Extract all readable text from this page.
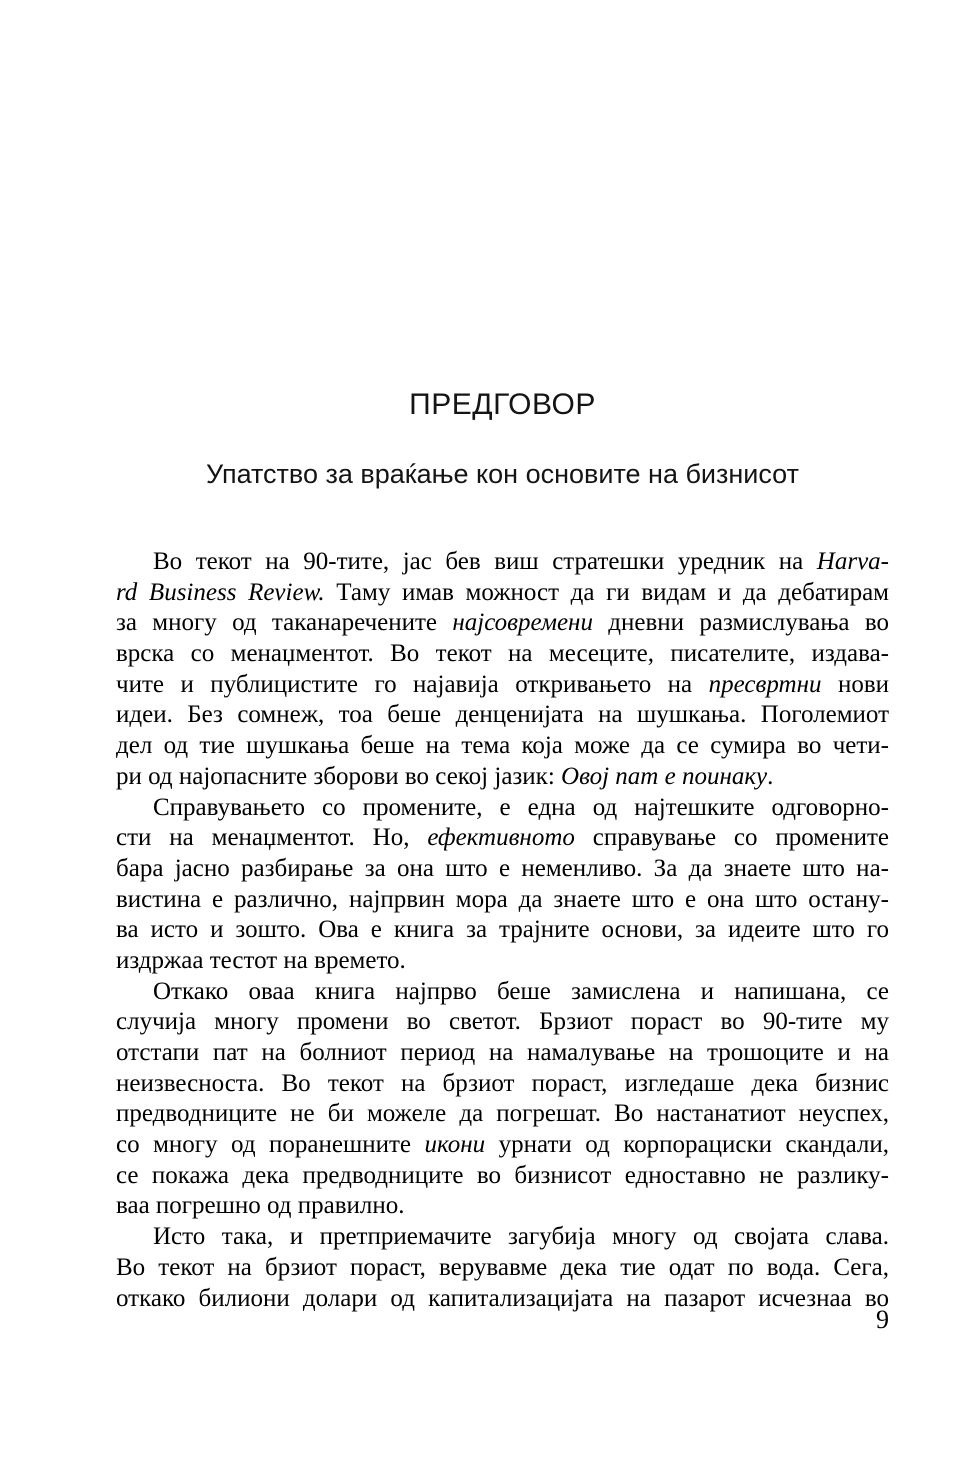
ПРЕДГОВОР
Упатство за враќање кон основите на бизнисот
Во текот на 90-тите, јас бев виш стратешки уредник на Harva-
rd Business Review. Таму имав можност да ги видам и да дебатирам
за многу од таканаречените најсовремени дневни размислувања во
врска со менаџментот. Во текот на месеците, писателите, издава-
чите и публицистите го најавија откривањето на пресвртни нови
идеи. Без сомнеж, тоа беше денценијата на шушкања. Поголемиот
дел од тие шушкања беше на тема која може да се сумира во чети-
ри од најопасните зборови во секој јазик: Овој пат е поинаку.
Справувањето со промените, е една од најтешките одговорно-
сти на менаџментот. Но, ефективното справување со промените
бара јасно разбирање за она што е неменливо. За да знаете што на-
вистина е различно, најпрвин мора да знаете што е она што остану-
ва исто и зошто. Ова е книга за трајните основи, за идеите што го
издржаа тестот на времето.
Откако оваа книга најпрво беше замислена и напишана, се
случија многу промени во светот. Брзиот пораст во 90-тите му
отстапи пат на болниот период на намалување на трошоците и на
неизвесноста. Во текот на брзиот пораст, изгледаше дека бизнис
предводниците не би можеле да погрешат. Во настанатиот неуспех,
со многу од поранешните икони урнати од корпорациски скандали,
се покажа дека предводниците во бизнисот едноставно не разлику-
ваа погрешно од правилно.
Исто така, и претприемачите загубија многу од својата слава.
Во текот на брзиот пораст, верувавме дека тие одат по вода. Сега,
откако билиони долари од капитализацијата на пазарот исчезнаа во
9
